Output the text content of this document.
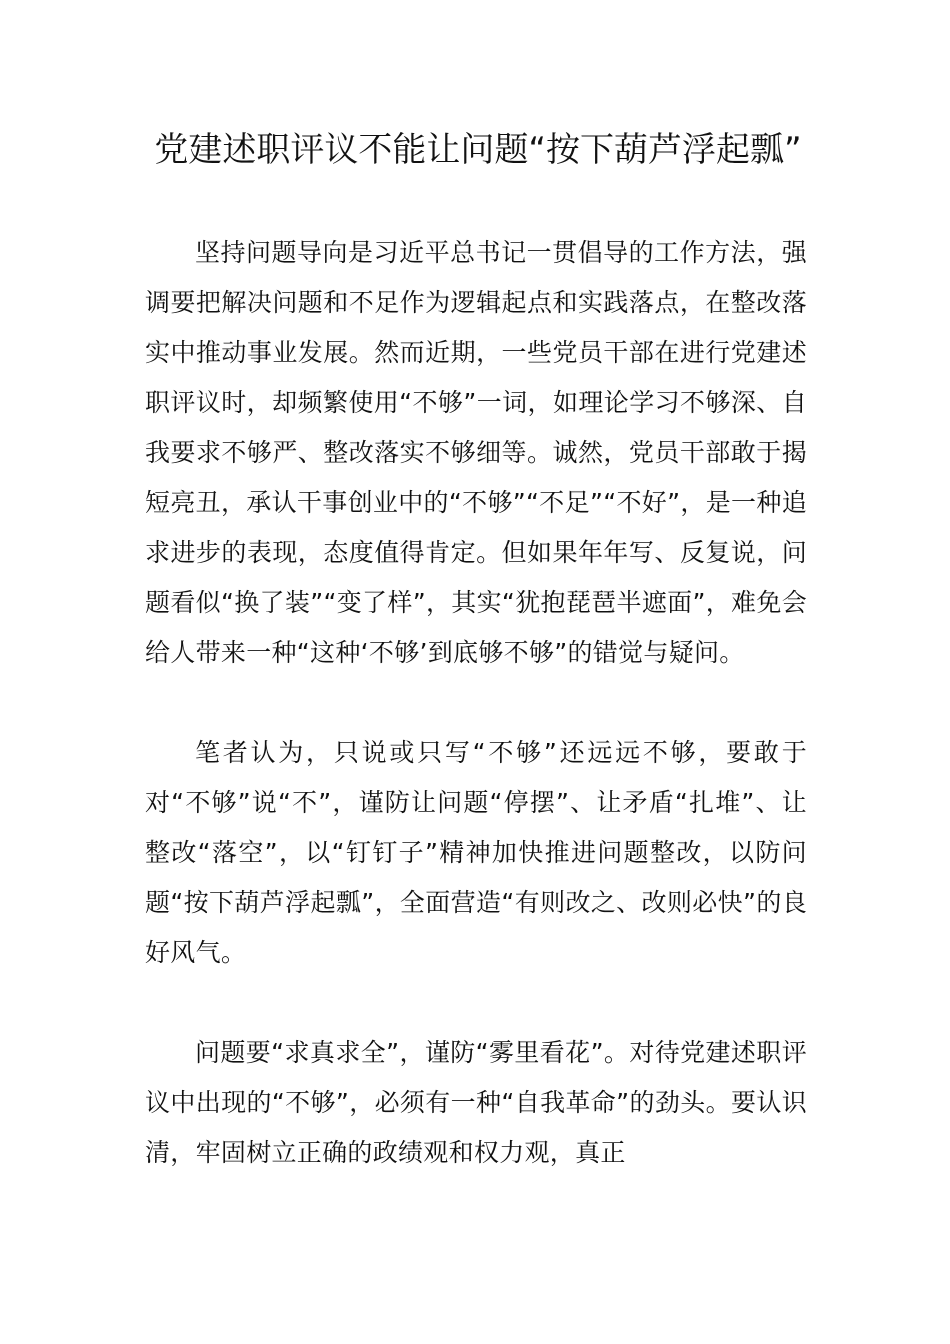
党建述职评议不能让问题“按下葫芦浮起瓢”

坚持问题导向是习近平总书记一贯倡导的工作方法，强调要把解决问题和不足作为逻辑起点和实践落点，在整改落实中推动事业发展。然而近期，一些党员干部在进行党建述职评议时，却频繁使用“不够”一词，如理论学习不够深、自我要求不够严、整改落实不够细等。诚然，党员干部敢于揭短亮丑，承认干事创业中的“不够”“不足”“不好”，是一种追求进步的表现，态度值得肯定。但如果年年写、反复说，问题看似“换了装”“变了样”，其实“犹抱琵琶半遮面”，难免会给人带来一种“这种‘不够’到底够不够”的错觉与疑问。

笔者认为，只说或只写“不够”还远远不够，要敢于对“不够”说“不”，谨防让问题“停摆”、让矛盾“扎堆”、让整改“落空”，以“钉钉子”精神加快推进问题整改，以防问题“按下葫芦浮起瓢”，全面营造“有则改之、改则必快”的良好风气。

问题要“求真求全”，谨防“雾里看花”。对待党建述职评议中出现的“不够”，必须有一种“自我革命”的劲头。要认识清，牢固树立正确的政绩观和权力观，真正
